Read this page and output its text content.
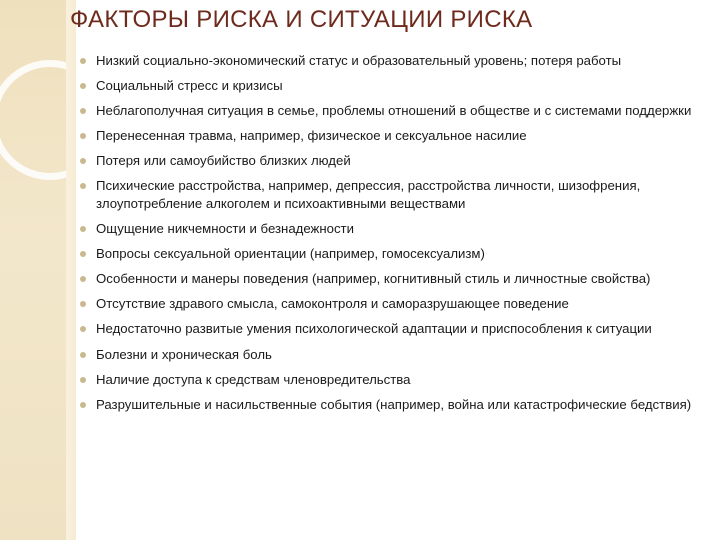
ФАКТОРЫ РИСКА И СИТУАЦИИ РИСКА
Низкий социально-экономический статус и образовательный уровень; потеря работы
Социальный стресс и кризисы
Неблагополучная ситуация в семье, проблемы отношений в обществе и с системами поддержки
Перенесенная травма, например, физическое и сексуальное насилие
Потеря или самоубийство близких людей
Психические расстройства, например, депрессия, расстройства личности, шизофрения, злоупотребление алкоголем и психоактивными веществами
Ощущение никчемности и безнадежности
Вопросы сексуальной ориентации (например, гомосексуализм)
Особенности и манеры поведения (например, когнитивный стиль и личностные свойства)
Отсутствие здравого смысла, самоконтроля и саморазрушающее поведение
Недостаточно развитые умения психологической адаптации и приспособления к ситуации
Болезни и хроническая боль
Наличие доступа к средствам членовредительства
Разрушительные и насильственные события (например, война или катастрофические бедствия)
